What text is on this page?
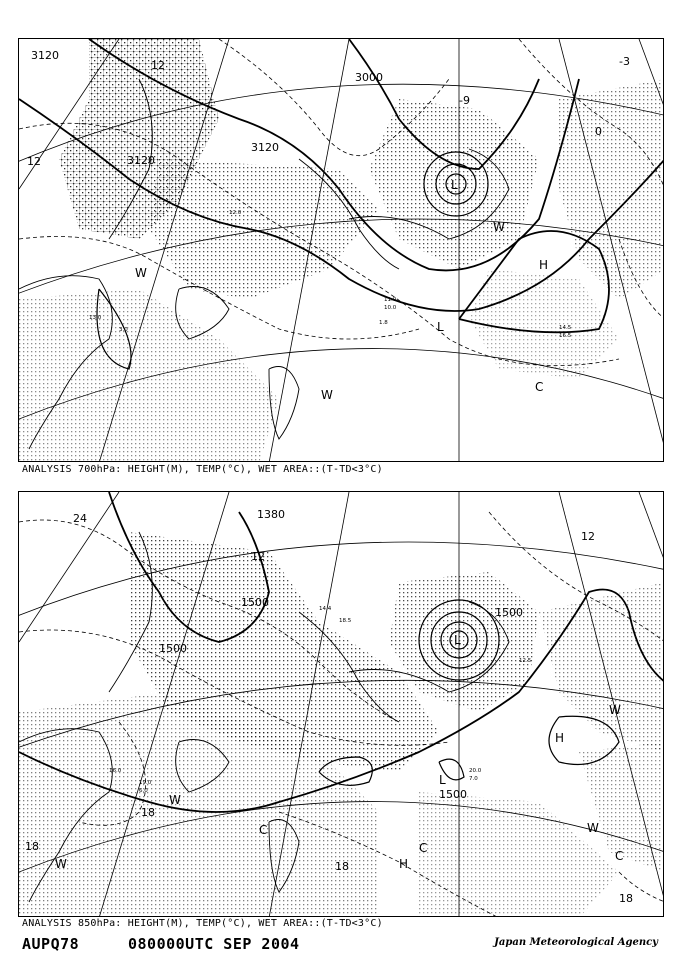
3120
3120
3120
3000
12
12
-9
0
-3
L
H
L
C
W
W
W
13.0
3.0
11.0
10.0
12.0
1.8
14.5
16.5
ANALYSIS 700hPa: HEIGHT(M), TEMP(°C), WET AREA::(T-TD<3°C)
1500
1500
1500
1380
1500
24
18
18
18
18
12
12
L
H
L
C
W
W
H
C
C
W
W
20.0
7.0
19.0
6.0
16.0
18.5
14.4
12.5
ANALYSIS 850hPa: HEIGHT(M), TEMP(°C), WET AREA::(T-TD<3°C)
AUPQ78	080000UTC SEP 2004	Japan Meteorological Agency
